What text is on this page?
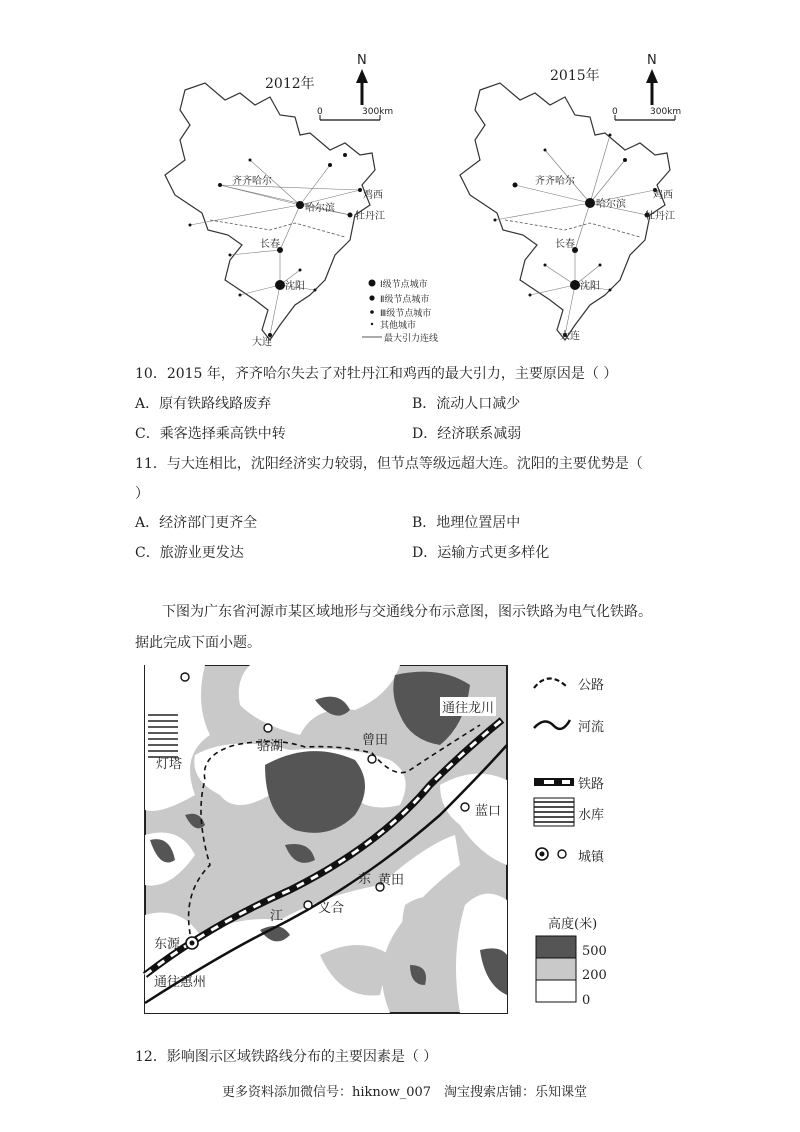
2012年
N
0	300km
齐齐哈尔
鸡西
哈尔滨
牡丹江
长春
沈阳
大连
Ⅰ级节点城市
Ⅱ级节点城市
Ⅲ级节点城市
其他城市
最大引力连线
2015年
N
0	300km
齐齐哈尔
鸡西
哈尔滨
牡丹江
长春
沈阳
大连
10．2015 年，齐齐哈尔失去了对牡丹江和鸡西的最大引力，主要原因是（ ）
A．原有铁路线路废弃	B．流动人口减少
C．乘客选择乘高铁中转	D．经济联系减弱
11．与大连相比，沈阳经济实力较弱，但节点等级远超大连。沈阳的主要优势是（
）
A．经济部门更齐全	B．地理位置居中
C．旅游业更发达	D．运输方式更多样化
下图为广东省河源市某区域地形与交通线分布示意图，图示铁路为电气化铁路。
据此完成下面小题。
灯塔
骆湖	曾田
通往龙川
蓝口
东 黄田
江
义合
东源
通往惠州
公路
河流
铁路
水库
城镇
高度(米)
500
200
0
12．影响图示区域铁路线分布的主要因素是（ ）
更多资料添加微信号：hiknow_007　淘宝搜索店铺：乐知课堂
